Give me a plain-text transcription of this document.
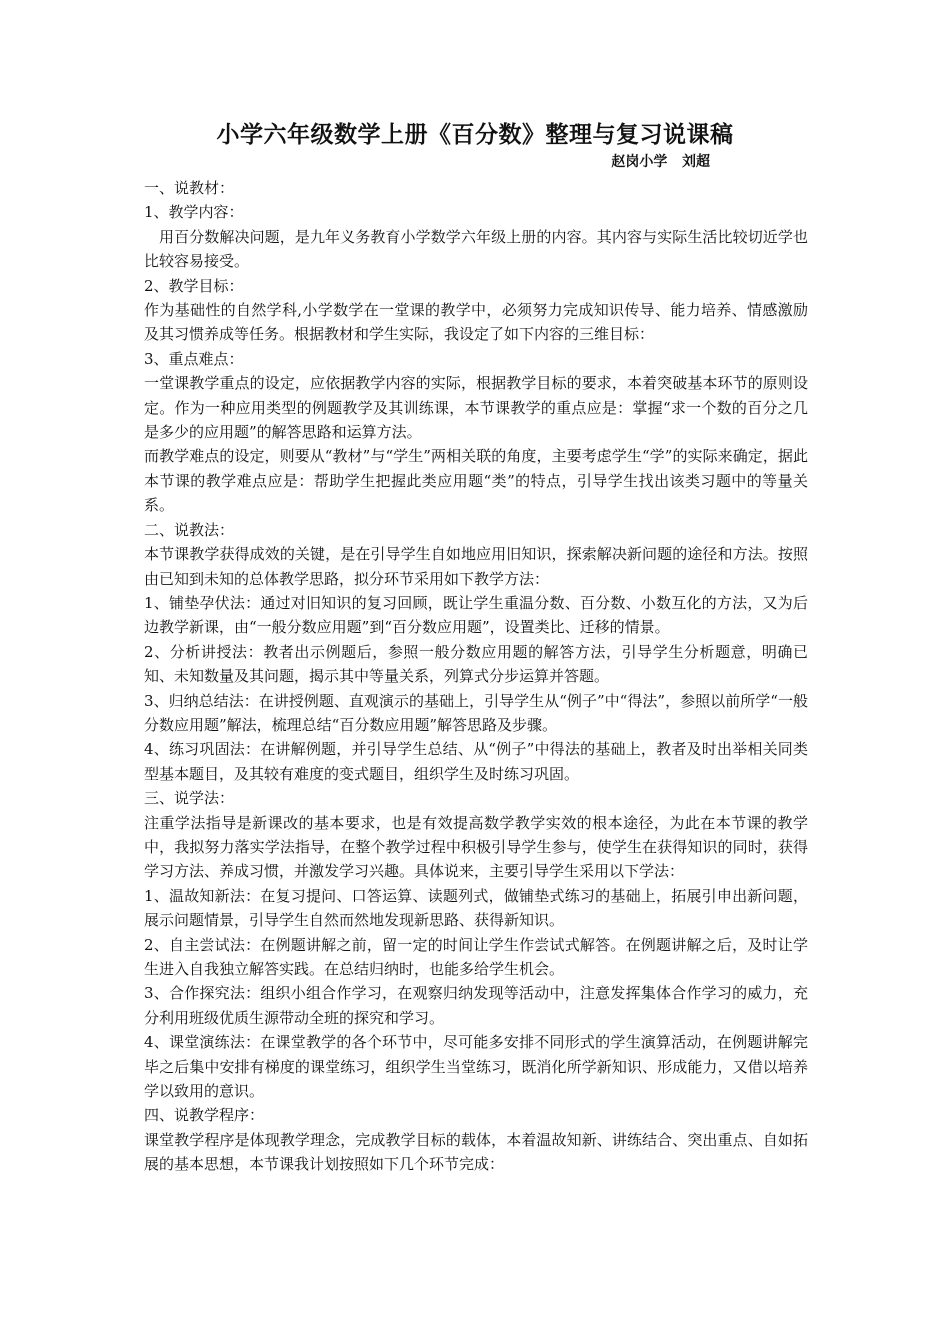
小学六年级数学上册《百分数》整理与复习说课稿
赵岗小学   刘超

一、说教材：

1、教学内容：

用百分数解决问题，是九年义务教育小学数学六年级上册的内容。其内容与实际生活比较切近学也比较容易接受。

2、教学目标：

作为基础性的自然学科,小学数学在一堂课的教学中，必须努力完成知识传导、能力培养、情感激励及其习惯养成等任务。根据教材和学生实际，我设定了如下内容的三维目标：

3、重点难点：

一堂课教学重点的设定，应依据教学内容的实际，根据教学目标的要求，本着突破基本环节的原则设定。作为一种应用类型的例题教学及其训练课，本节课教学的重点应是：掌握“求一个数的百分之几是多少的应用题”的解答思路和运算方法。

而教学难点的设定，则要从“教材”与“学生”两相关联的角度，主要考虑学生“学”的实际来确定，据此本节课的教学难点应是：帮助学生把握此类应用题“类”的特点，引导学生找出该类习题中的等量关系。

二、说教法：

本节课教学获得成效的关键，是在引导学生自如地应用旧知识，探索解决新问题的途径和方法。按照由已知到未知的总体教学思路，拟分环节采用如下教学方法：

1、铺垫孕伏法：通过对旧知识的复习回顾，既让学生重温分数、百分数、小数互化的方法，又为后边教学新课，由“一般分数应用题”到“百分数应用题”，设置类比、迁移的情景。

2、分析讲授法：教者出示例题后，参照一般分数应用题的解答方法，引导学生分析题意，明确已知、未知数量及其问题，揭示其中等量关系，列算式分步运算并答题。

3、归纳总结法：在讲授例题、直观演示的基础上，引导学生从“例子”中“得法”，参照以前所学“一般分数应用题”解法，梳理总结“百分数应用题”解答思路及步骤。

4、练习巩固法：在讲解例题，并引导学生总结、从“例子”中得法的基础上，教者及时出举相关同类型基本题目，及其较有难度的变式题目，组织学生及时练习巩固。

三、说学法：

注重学法指导是新课改的基本要求，也是有效提高数学教学实效的根本途径，为此在本节课的教学中，我拟努力落实学法指导，在整个教学过程中积极引导学生参与，使学生在获得知识的同时，获得学习方法、养成习惯，并激发学习兴趣。具体说来，主要引导学生采用以下学法：

1、温故知新法：在复习提问、口答运算、读题列式，做铺垫式练习的基础上，拓展引申出新问题，展示问题情景，引导学生自然而然地发现新思路、获得新知识。

2、自主尝试法：在例题讲解之前，留一定的时间让学生作尝试式解答。在例题讲解之后，及时让学生进入自我独立解答实践。在总结归纳时，也能多给学生机会。

3、合作探究法：组织小组合作学习，在观察归纳发现等活动中，注意发挥集体合作学习的威力，充分利用班级优质生源带动全班的探究和学习。

4、课堂演练法：在课堂教学的各个环节中，尽可能多安排不同形式的学生演算活动，在例题讲解完毕之后集中安排有梯度的课堂练习，组织学生当堂练习，既消化所学新知识、形成能力，又借以培养学以致用的意识。

四、说教学程序：

课堂教学程序是体现教学理念，完成教学目标的载体，本着温故知新、讲练结合、突出重点、自如拓展的基本思想，本节课我计划按照如下几个环节完成：
